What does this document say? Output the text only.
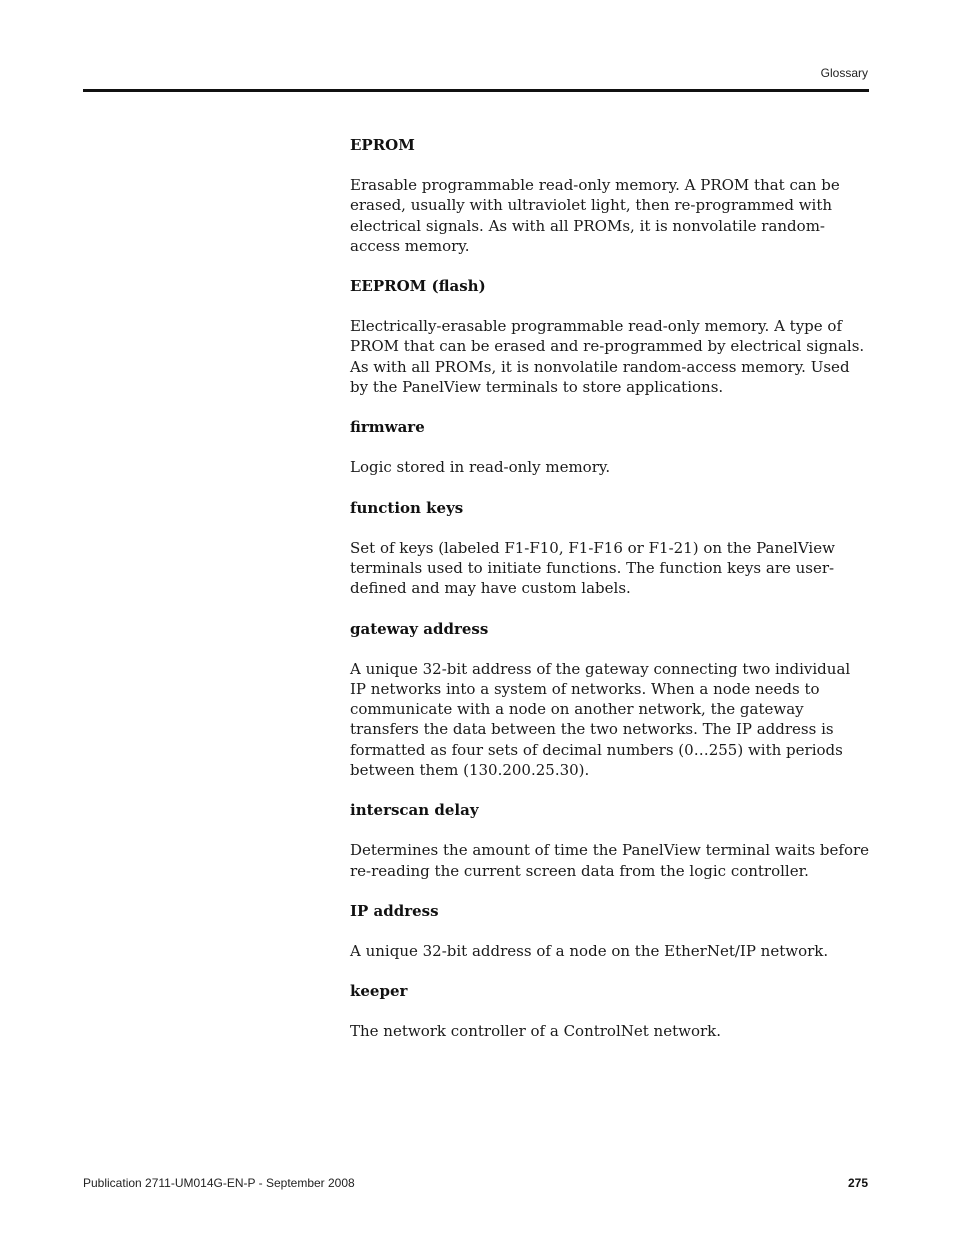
Glossary

EPROM

Erasable programmable read-only memory. A PROM that can be erased, usually with ultraviolet light, then re-programmed with electrical signals. As with all PROMs, it is nonvolatile random-access memory.

EEPROM (flash)

Electrically-erasable programmable read-only memory. A type of PROM that can be erased and re-programmed by electrical signals. As with all PROMs, it is nonvolatile random-access memory. Used by the PanelView terminals to store applications.

firmware

Logic stored in read-only memory.

function keys

Set of keys (labeled F1-F10, F1-F16 or F1-21) on the PanelView terminals used to initiate functions. The function keys are user-defined and may have custom labels.

gateway address

A unique 32-bit address of the gateway connecting two individual IP networks into a system of networks. When a node needs to communicate with a node on another network, the gateway transfers the data between the two networks. The IP address is formatted as four sets of decimal numbers (0…255) with periods between them (130.200.25.30).

interscan delay

Determines the amount of time the PanelView terminal waits before re-reading the current screen data from the logic controller.

IP address

A unique 32-bit address of a node on the EtherNet/IP network.

keeper

The network controller of a ControlNet network.

Publication 2711-UM014G-EN-P - September 2008	275
